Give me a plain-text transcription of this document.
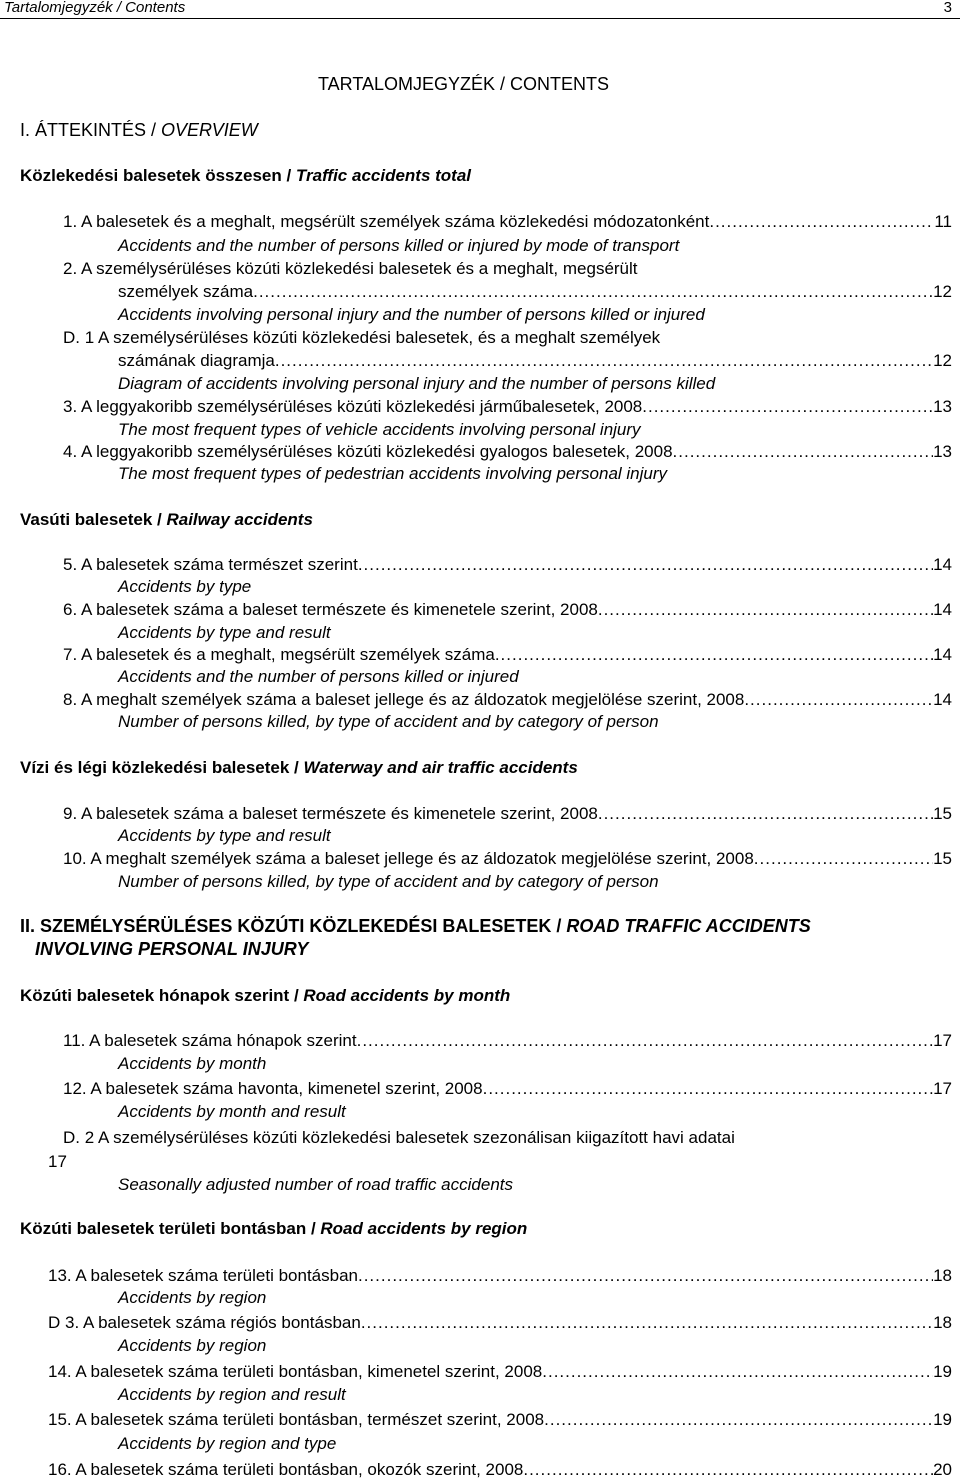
Tartalomjegyzék / Contents	3
TARTALOMJEGYZÉK / CONTENTS
I. ÁTTEKINTÉS / OVERVIEW
Közlekedési balesetek összesen / Traffic accidents total
1. A balesetek és a meghalt, megsérült személyek száma közlekedési módozatonként .....	11
Accidents and the number of persons killed or injured by mode of transport
2. A személysérüléses közúti közlekedési balesetek és a meghalt, megsérült
személyek száma .....	12
Accidents involving personal injury and the number of persons killed or injured
D. 1 A személysérüléses közúti közlekedési balesetek, és a meghalt személyek
számának diagramja .....	12
Diagram of accidents involving personal injury and the number of persons killed
3. A leggyakoribb személysérüléses közúti közlekedési járműbalesetek, 2008 .....	13
The most frequent types of vehicle accidents involving personal injury
4. A leggyakoribb személysérüléses közúti közlekedési gyalogos balesetek, 2008 .....	13
The most frequent types of pedestrian accidents involving personal injury
Vasúti balesetek / Railway accidents
5. A balesetek száma természet szerint .....	14
Accidents by type
6. A balesetek száma a baleset természete és kimenetele szerint, 2008 .....	14
Accidents by type and result
7. A balesetek és a meghalt, megsérült személyek száma .....	14
Accidents and the number of persons killed or injured
8. A meghalt személyek száma a baleset jellege és az áldozatok megjelölése szerint, 2008 .....	14
Number of persons killed, by type of accident and by category of person
Vízi és légi közlekedési balesetek / Waterway and air traffic accidents
9. A balesetek száma a baleset természete és kimenetele szerint, 2008 .....	15
Accidents by type and result
10. A meghalt személyek száma a baleset jellege és az áldozatok megjelölése szerint, 2008 .....	15
Number of persons killed, by type of accident and by category of person
II. SZEMÉLYSÉRÜLÉSES KÖZÚTI KÖZLEKEDÉSI BALESETEK / ROAD TRAFFIC ACCIDENTS
INVOLVING PERSONAL INJURY
Közúti balesetek hónapok szerint / Road accidents by month
11. A balesetek száma hónapok szerint .....	17
Accidents by month
12. A balesetek száma havonta, kimenetel szerint, 2008 .....	17
Accidents by month and result
D. 2 A személysérüléses közúti közlekedési balesetek szezonálisan kiigazított havi adatai
17
Seasonally adjusted number of road traffic accidents
Közúti balesetek területi bontásban / Road accidents by region
13. A balesetek száma területi bontásban .....	18
Accidents by region
D 3. A balesetek száma régiós bontásban .....	18
Accidents by region
14. A balesetek száma területi bontásban, kimenetel szerint, 2008 .....	19
Accidents by region and result
15. A balesetek száma területi bontásban, természet szerint, 2008 .....	19
Accidents by region and type
16. A balesetek száma területi bontásban, okozók szerint, 2008 .....	20
